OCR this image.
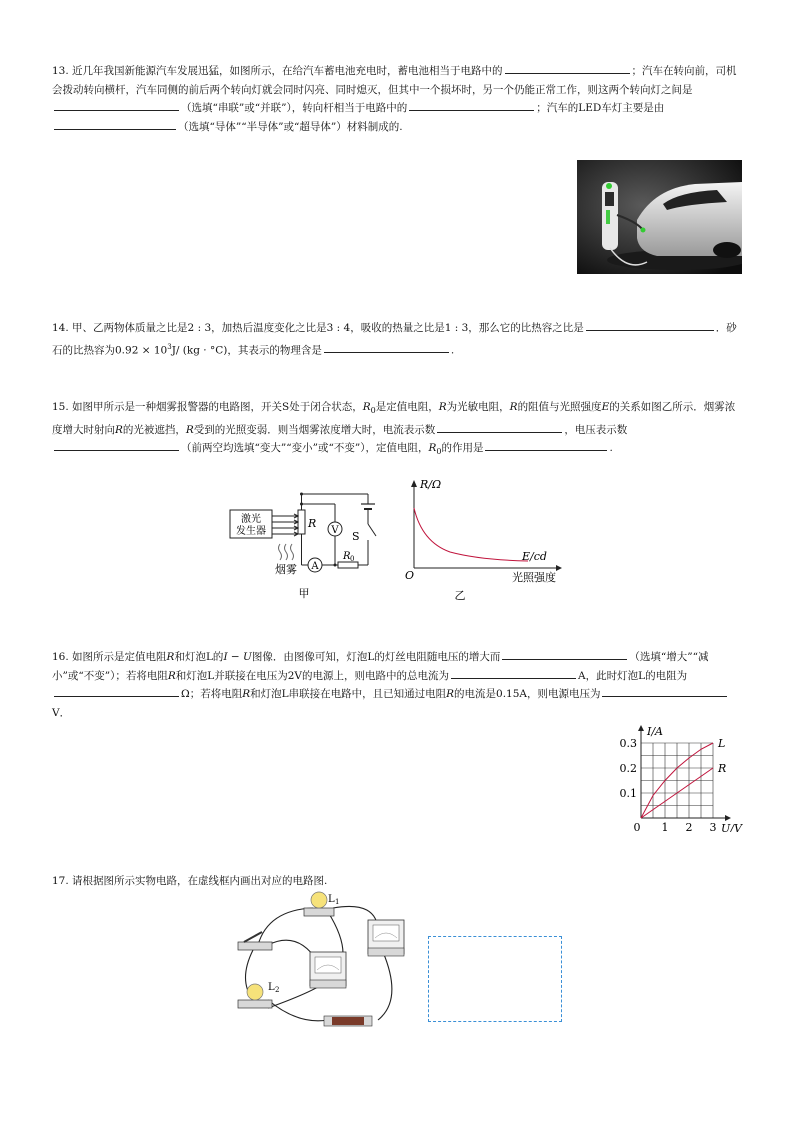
13. 近几年我国新能源汽车发展迅猛，如图所示，在给汽车蓄电池充电时，蓄电池相当于电路中的	；汽车在转向前，司机会拨动转向横杆，汽车同侧的前后两个转向灯就会同时闪亮、同时熄灭，但其中一个损坏时，另一个仍能正常工作，则这两个转向灯之间是（选填“串联”或“并联”），转向杆相当于电路中的	；汽车的LED车灯主要是由（选填“导体”“半导体”或“超导体”）材料制成的.
14. 甲、乙两物体质量之比是2 : 3，加热后温度变化之比是3 : 4，吸收的热量之比是1 : 3，那么它的比热容之比是	．砂石的比热容为$0.92 \times 10^3J/$ (kg · °C)，其表示的物理含是	.
15. 如图甲所示是一种烟雾报警器的电路图，开关S处于闭合状态，$R_0$是定值电阻，R为光敏电阻，R的阻值与光照强度E的关系如图乙所示．烟雾浓度增大时射向R的光被遮挡，R受到的光照变弱．则当烟雾浓度增大时，电流表示数	，电压表示数（前两空均选填“变大”“变小”或“不变”），定值电阻，$R_0$的作用是	.
激光
发生器
R
V
A
S
R 0
烟雾
甲
R/Ω
E/cd
O	光照强度
乙
16. 如图所示是定值电阻R和灯泡L的I − U图像．由图像可知，灯泡L的灯丝电阻随电压的增大而	（选填“增大”“减小”或“不变”）；若将电阻R和灯泡L并联接在电压为2V的电源上，则电路中的总电流为	A，此时灯泡L的电阻为Ω；若将电阻R和灯泡L串联接在电路中，且已知通过电阻R的电流是0.15A，则电源电压为V．
L
R
1 2 3
0.1
0.2
0.3
0
I/A
U/V
17. 请根据图所示实物电路，在虚线框内画出对应的电路图.
L 1
L 2
